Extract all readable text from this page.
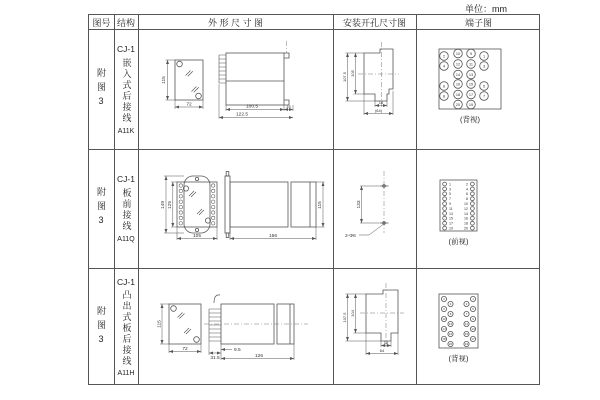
单位：mm
图号 结构	外 形 尺 寸 图	安装开孔尺寸图	端子图
附图3
CJ-1
嵌入式后接线
A11K
115
72	100.5	16
122.5
107.5 105
16
(64)
2
10	9
1
4	12 11	3
14 13
6	16 15	5
8	18 17	7
20 19
(背视)
附图3
CJ-1
板前接线
A11Q
149 125
105
115
156
133
2-Φ6
1	2
3	4
5	6
7	8
9	10
11	12
13	14
15	16
17	18
19	20
(前视)
附图3
CJ-1
凸出式板后接线
A11H
115
72
31.5
9.5
126
107.5 104
16
64
2	1
4	3
6	5
8	7
10	9
12	11
14	13
16	15
18	17
20	19
(背视)
